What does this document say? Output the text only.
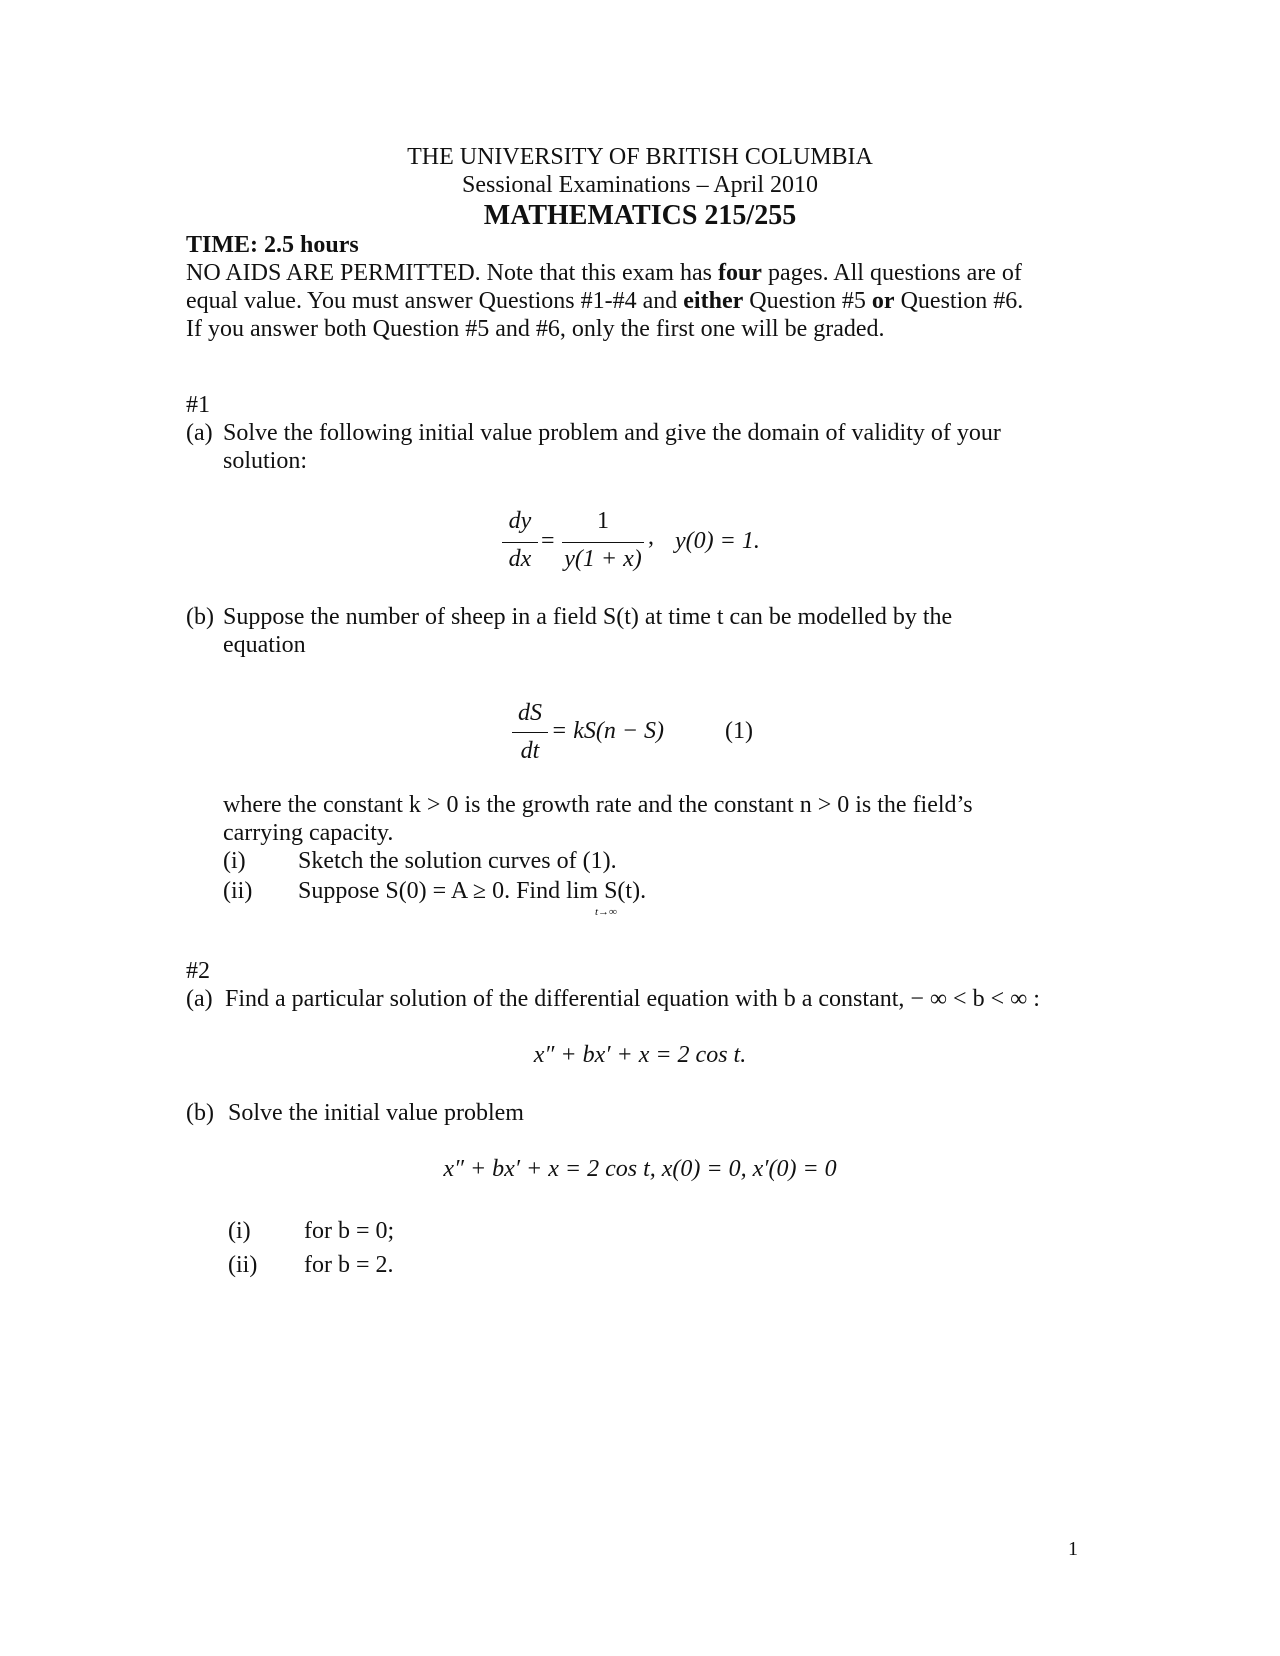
THE UNIVERSITY OF BRITISH COLUMBIA
Sessional Examinations – April 2010
MATHEMATICS 215/255
TIME: 2.5 hours
NO AIDS ARE PERMITTED. Note that this exam has four pages. All questions are of
equal value. You must answer Questions #1-#4 and either Question #5 or Question #6.
If you answer both Question #5 and #6, only the first one will be graded.
#1
(a) Solve the following initial value problem and give the domain of validity of your
solution:
dy
dx
=
1
y(1 + x)
, y(0) = 1.
(b) Suppose the number of sheep in a field S(t) at time t can be modelled by the
equation
dS
dt
= kS(n − S)	(1)
where the constant k > 0 is the growth rate and the constant n > 0 is the field’s
carrying capacity.
(i) Sketch the solution curves of (1).
(ii) Suppose S(0) = A ≥ 0. Find lim S(t).
t→∞
#2
(a) Find a particular solution of the differential equation with b a constant, − ∞ < b < ∞ :
x″ + bx′ + x = 2 cos t.
(b) Solve the initial value problem
x″ + bx′ + x = 2 cos t, x(0) = 0, x′(0) = 0
(i) for b = 0;
(ii) for b = 2.
1
